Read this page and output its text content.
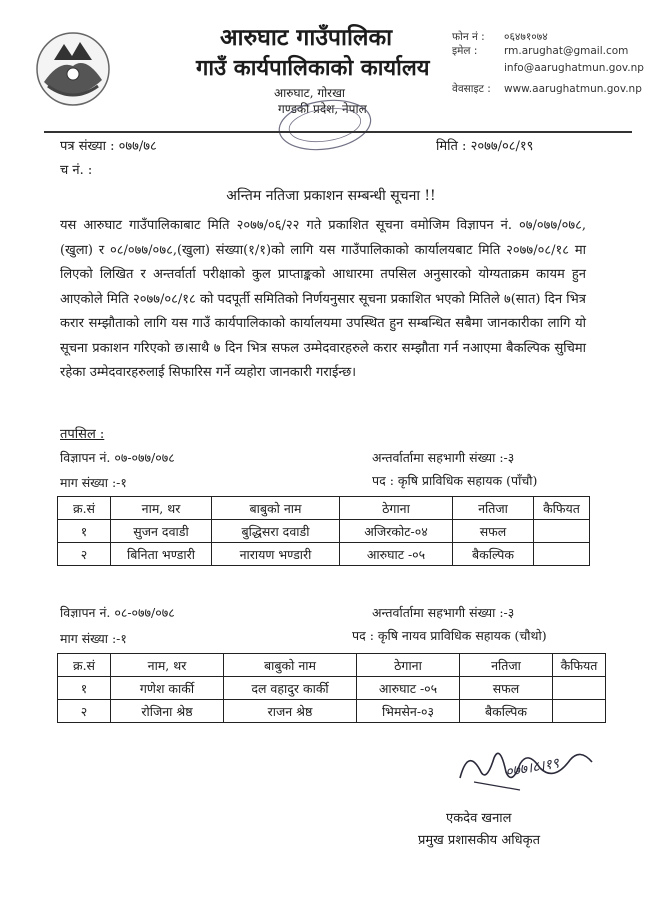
आरुघाट गाउँपालिका
गाउँ कार्यपालिकाको कार्यालय
आरुघाट, गोरखा
गण्डकी प्रदेश, नेपाल
फोन नं : ०६४७१०७४
इमेल :	rm.arughat@gmail.com
info@aarughatmun.gov.np
वेवसाइट : www.aarughatmun.gov.np
पत्र संख्या : ०७७/७८
च नं. :
मिति : २०७७/०८/१९
अन्तिम नतिजा प्रकाशन सम्बन्धी सूचना !!
यस आरुघाट गाउँपालिकाबाट मिति २०७७/०६/२२ गते प्रकाशित सूचना वमोजिम विज्ञापन नं. ०७/०७७/०७८,(खुला) र ०८/०७७/०७८,(खुला) संख्या(१/१)को लागि यस गाउँपालिकाको कार्यालयबाट मिति २०७७/०८/१८ मा लिएको लिखित र अन्तर्वार्ता परीक्षाको कुल प्राप्ताङ्कको आधारमा तपसिल अनुसारको योग्यताक्रम कायम हुन आएकोले मिति २०७७/०८/१८ को पदपूर्ती समितिको निर्णयनुसार सूचना प्रकाशित भएको मितिले ७(सात) दिन भित्र करार सम्झौताको लागि यस गाउँ कार्यपालिकाको कार्यालयमा उपस्थित हुन सम्बन्धित सबैमा जानकारीका लागि यो सूचना प्रकाशन गरिएको छ।साथै ७ दिन भित्र सफल उम्मेदवारहरुले करार सम्झौता गर्न नआएमा बैकल्पिक सुचिमा रहेका उम्मेदवारहरुलाई सिफारिस गर्ने व्यहोरा जानकारी गराईन्छ।
तपसिल :
विज्ञापन नं. ०७-०७७/०७८	अन्तर्वार्तामा सहभागी संख्या :-३
माग संख्या :-१	पद : कृषि प्राविधिक सहायक (पाँचौ)
क्र.सं	नाम, थर	बाबुको नाम	ठेगाना	नतिजा	कैफियत
१	सुजन दवाडी	बुद्धिसरा दवाडी	अजिरकोट-०४	सफल	
२	बिनिता भण्डारी	नारायण भण्डारी	आरुघाट -०५	बैकल्पिक	
विज्ञापन नं. ०८-०७७/०७८	अन्तर्वार्तामा सहभागी संख्या :-३
माग संख्या :-१	पद : कृषि नायव प्राविधिक सहायक (चौथो)
क्र.सं	नाम, थर	बाबुको नाम	ठेगाना	नतिजा	कैफियत
१	गणेश कार्की	दल वहादुर कार्की	आरुघाट -०५	सफल	
२	रोजिना श्रेष्ठ	राजन श्रेष्ठ	भिमसेन-०३	बैकल्पिक	
०७७।८।१९
एकदेव खनाल
प्रमुख प्रशासकीय अधिकृत
